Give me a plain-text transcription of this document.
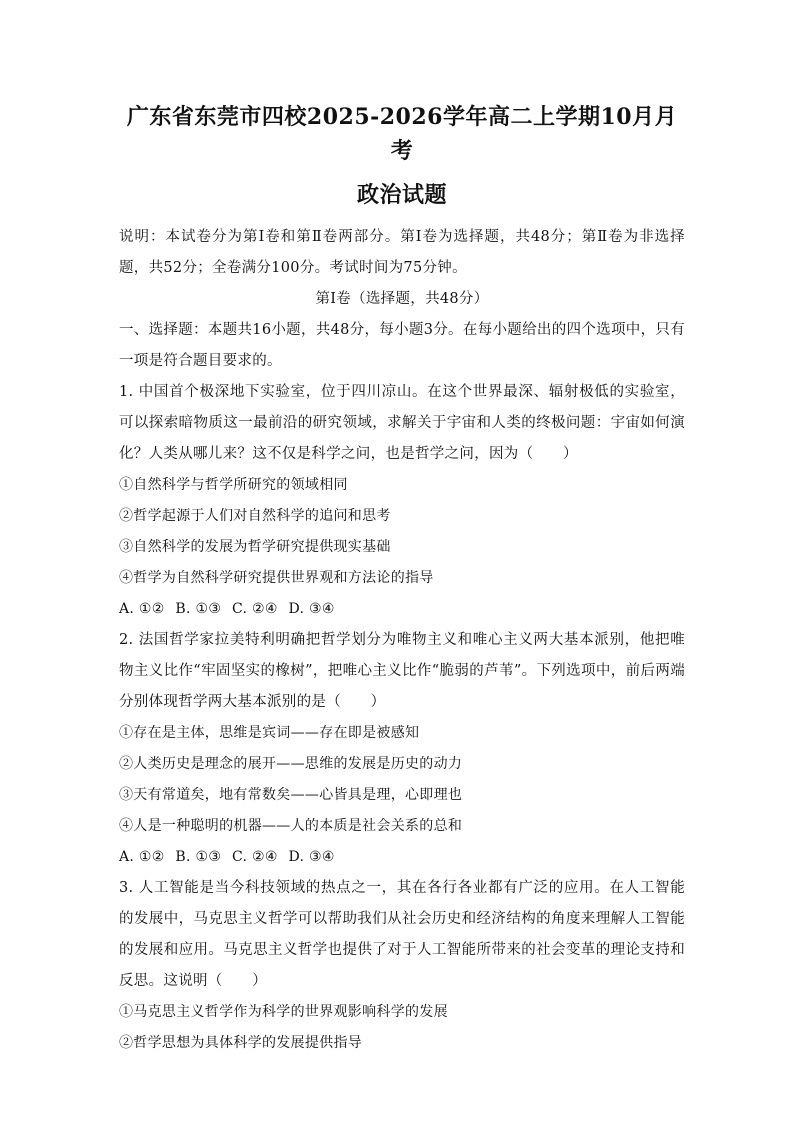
广东省东莞市四校2025-2026学年高二上学期10月月考
政治试题

说明：本试卷分为第Ⅰ卷和第Ⅱ卷两部分。第Ⅰ卷为选择题，共48分；第Ⅱ卷为非选择题，共52分；全卷满分100分。考试时间为75分钟。

第Ⅰ卷（选择题，共48分）

一、选择题：本题共16小题，共48分，每小题3分。在每小题给出的四个选项中，只有一项是符合题目要求的。

1. 中国首个极深地下实验室，位于四川凉山。在这个世界最深、辐射极低的实验室，可以探索暗物质这一最前沿的研究领域，求解关于宇宙和人类的终极问题：宇宙如何演化？人类从哪儿来？这不仅是科学之问，也是哲学之问，因为（　　）

①自然科学与哲学所研究的领域相同

②哲学起源于人们对自然科学的追问和思考

③自然科学的发展为哲学研究提供现实基础

④哲学为自然科学研究提供世界观和方法论的指导

A. ①② B. ①③ C. ②④ D. ③④

2. 法国哲学家拉美特利明确把哲学划分为唯物主义和唯心主义两大基本派别，他把唯物主义比作“牢固坚实的橡树”，把唯心主义比作“脆弱的芦苇”。下列选项中，前后两端分别体现哲学两大基本派别的是（　　）

①存在是主体，思维是宾词——存在即是被感知

②人类历史是理念的展开——思维的发展是历史的动力

③天有常道矣，地有常数矣——心皆具是理，心即理也

④人是一种聪明的机器——人的本质是社会关系的总和

A. ①② B. ①③ C. ②④ D. ③④

3. 人工智能是当今科技领域的热点之一，其在各行各业都有广泛的应用。在人工智能的发展中，马克思主义哲学可以帮助我们从社会历史和经济结构的角度来理解人工智能的发展和应用。马克思主义哲学也提供了对于人工智能所带来的社会变革的理论支持和反思。这说明（　　）

①马克思主义哲学作为科学的世界观影响科学的发展

②哲学思想为具体科学的发展提供指导
